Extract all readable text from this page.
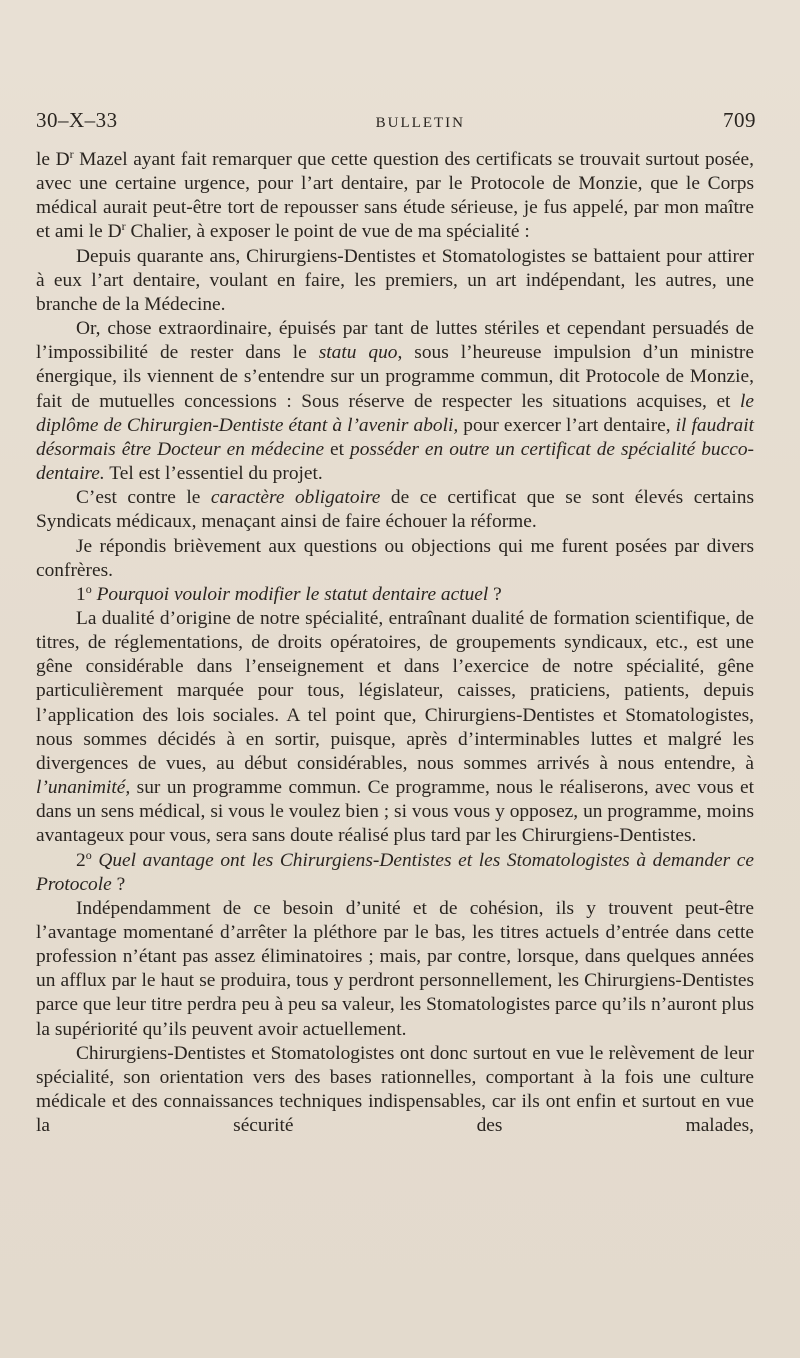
30–X–33	BULLETIN	709

le $D^r$ Mazel ayant fait remarquer que cette question des certificats se trouvait surtout posée, avec une certaine urgence, pour l’art dentaire, par le Protocole de Monzie, que le Corps médical aurait peut-être tort de repousser sans étude sérieuse, je fus appelé, par mon maître et ami le $D^r$ Chalier, à exposer le point de vue de ma spécialité :

Depuis quarante ans, Chirurgiens-Dentistes et Stomatologistes se battaient pour attirer à eux l’art dentaire, voulant en faire, les premiers, un art indépendant, les autres, une branche de la Médecine.

Or, chose extraordinaire, épuisés par tant de luttes stériles et cependant persuadés de l’impossibilité de rester dans le statu quo, sous l’heureuse impulsion d’un ministre énergique, ils viennent de s’entendre sur un programme commun, dit Protocole de Monzie, fait de mutuelles concessions : Sous réserve de respecter les situations acquises, et le diplôme de Chirurgien-Dentiste étant à l’avenir aboli, pour exercer l’art dentaire, il faudrait désormais être Docteur en médecine et posséder en outre un certificat de spécialité bucco-dentaire. Tel est l’essentiel du projet.

C’est contre le caractère obligatoire de ce certificat que se sont élevés certains Syndicats médicaux, menaçant ainsi de faire échouer la réforme.

Je répondis brièvement aux questions ou objections qui me furent posées par divers confrères.

1$^o$ Pourquoi vouloir modifier le statut dentaire actuel ?

La dualité d’origine de notre spécialité, entraînant dualité de formation scientifique, de titres, de réglementations, de droits opératoires, de groupements syndicaux, etc., est une gêne considérable dans l’enseignement et dans l’exercice de notre spécialité, gêne particulièrement marquée pour tous, législateur, caisses, praticiens, patients, depuis l’application des lois sociales. A tel point que, Chirurgiens-Dentistes et Stomatologistes, nous sommes décidés à en sortir, puisque, après d’interminables luttes et malgré les divergences de vues, au début considérables, nous sommes arrivés à nous entendre, à l’unanimité, sur un programme commun. Ce programme, nous le réaliserons, avec vous et dans un sens médical, si vous le voulez bien ; si vous vous y opposez, un programme, moins avantageux pour vous, sera sans doute réalisé plus tard par les Chirurgiens-Dentistes.

2$^o$ Quel avantage ont les Chirurgiens-Dentistes et les Stomatologistes à demander ce Protocole ?

Indépendamment de ce besoin d’unité et de cohésion, ils y trouvent peut-être l’avantage momentané d’arrêter la pléthore par le bas, les titres actuels d’entrée dans cette profession n’étant pas assez éliminatoires ; mais, par contre, lorsque, dans quelques années un afflux par le haut se produira, tous y perdront personnellement, les Chirurgiens-Dentistes parce que leur titre perdra peu à peu sa valeur, les Stomatologistes parce qu’ils n’auront plus la supériorité qu’ils peuvent avoir actuellement.

Chirurgiens-Dentistes et Stomatologistes ont donc surtout en vue le relèvement de leur spécialité, son orientation vers des bases rationnelles, comportant à la fois une culture médicale et des connaissances techniques indispensables, car ils ont enfin et surtout en vue la sécurité des malades,
